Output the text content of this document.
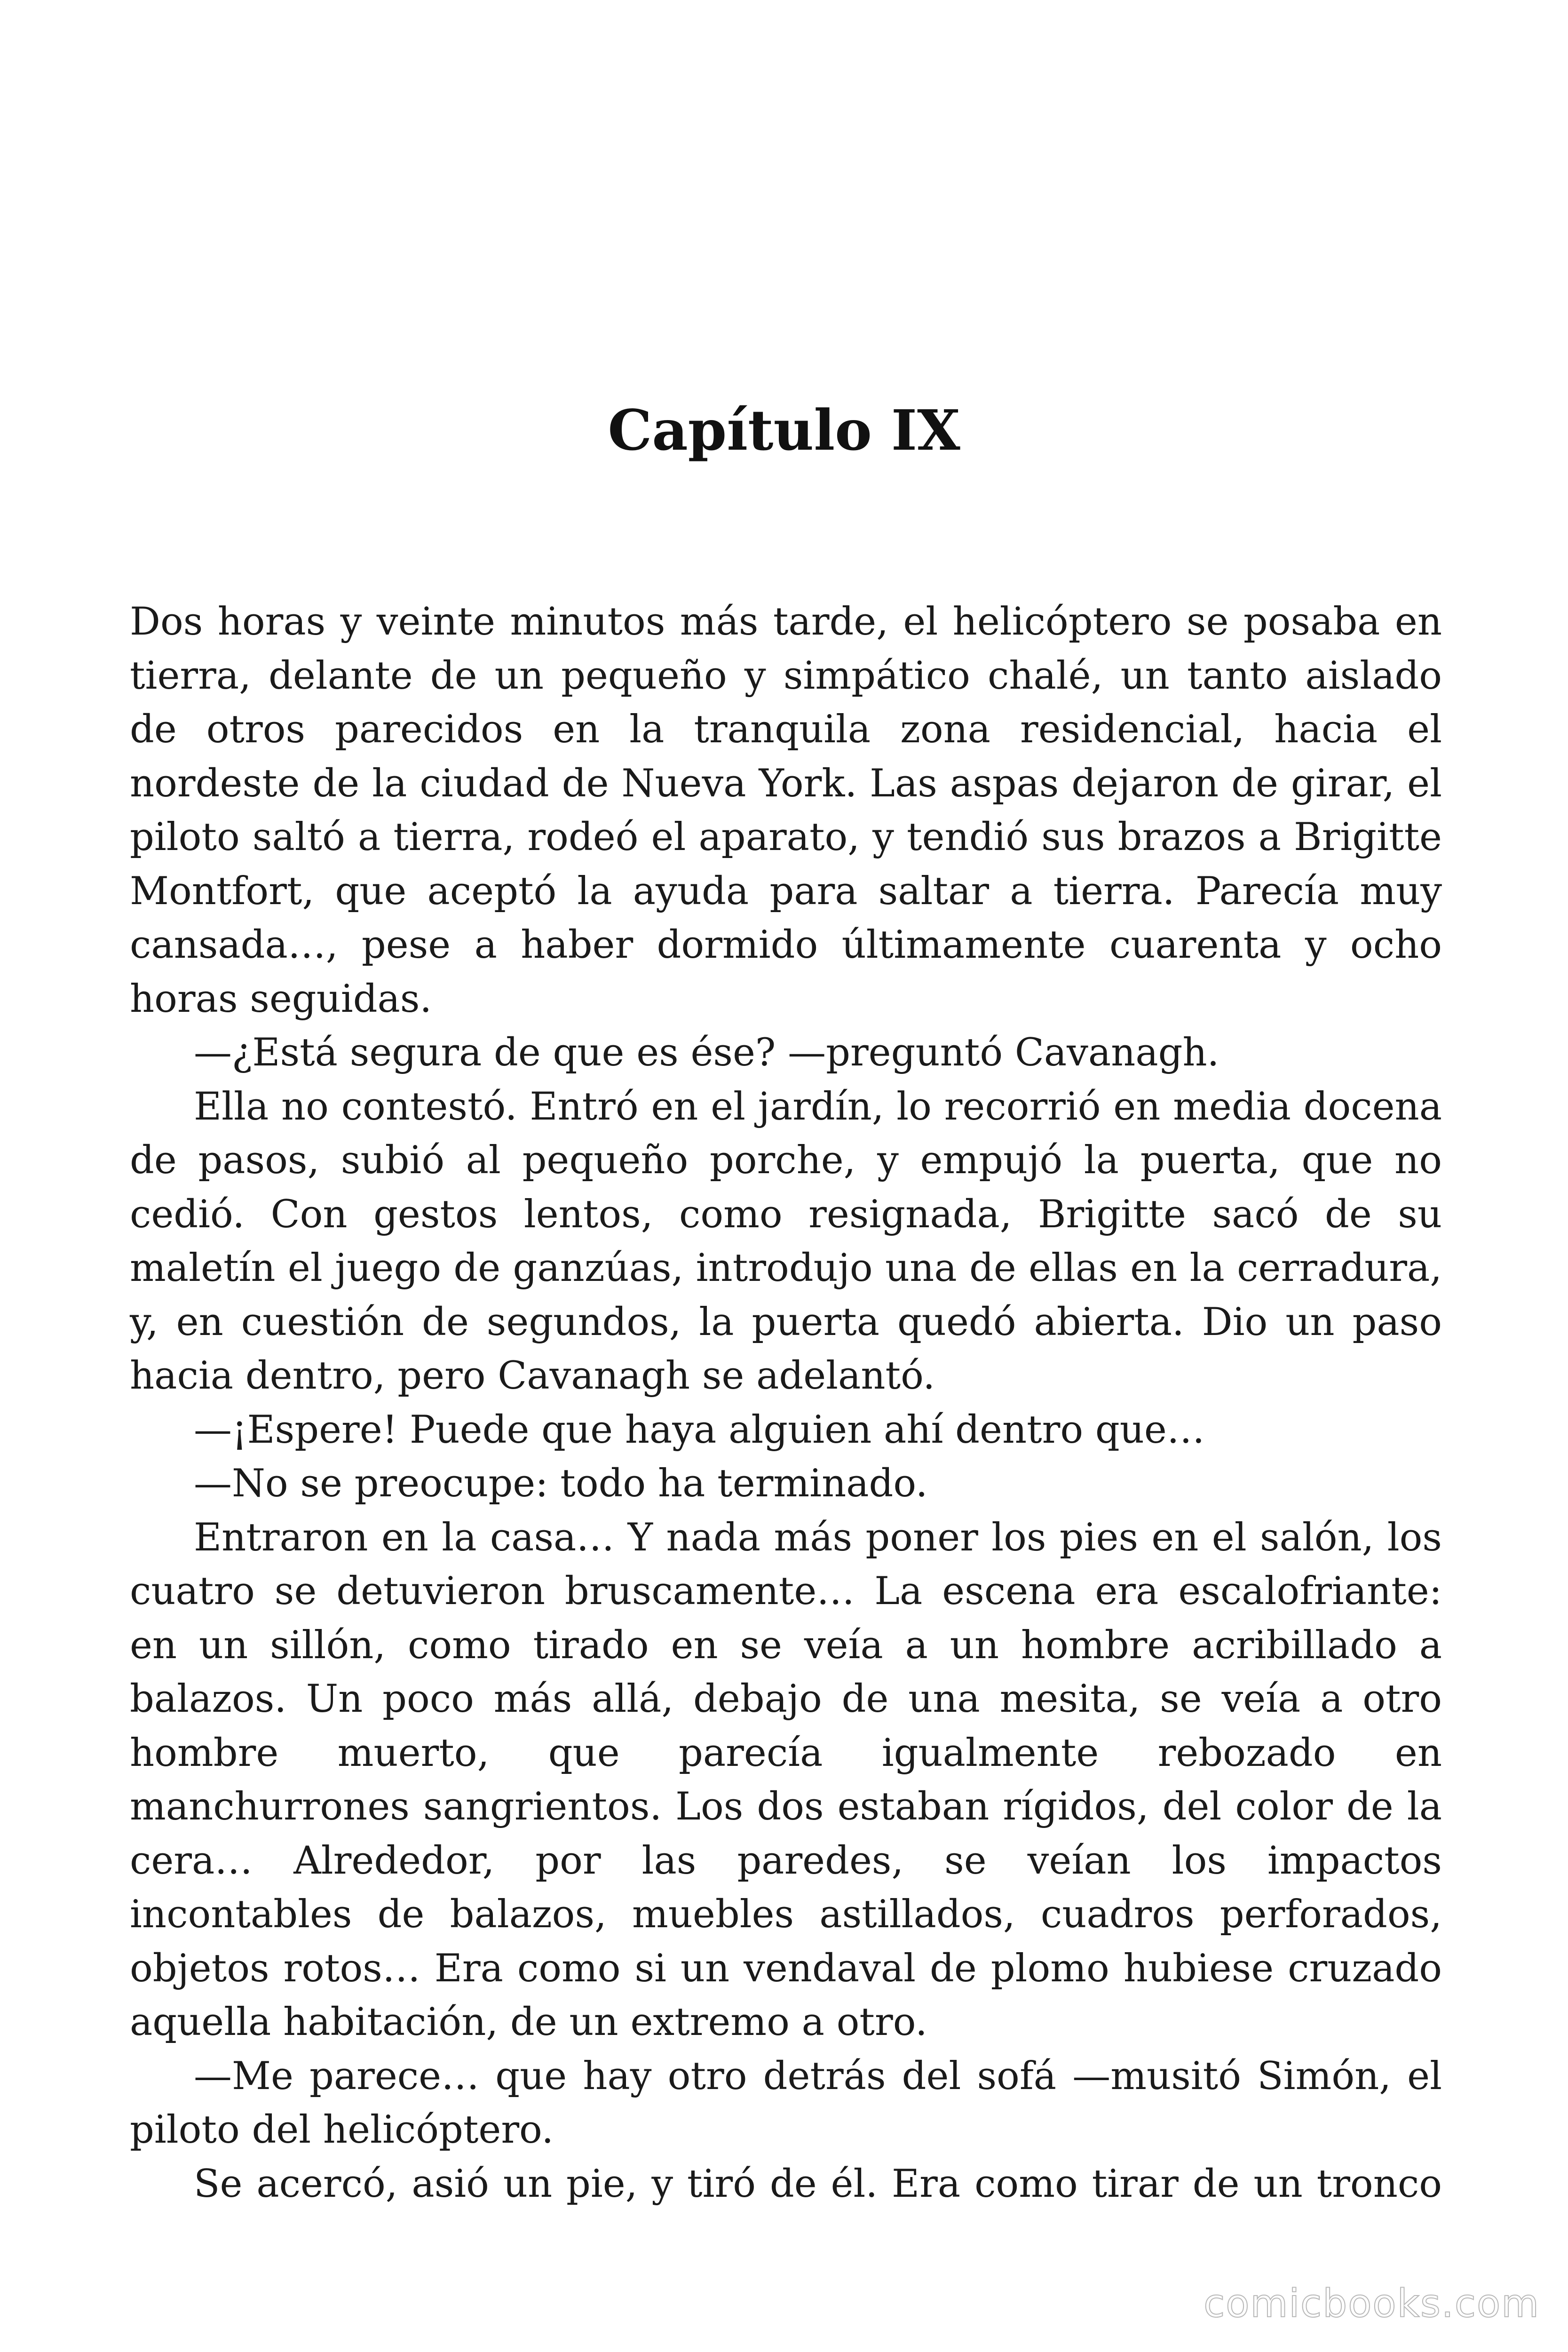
Capítulo IX

Dos horas y veinte minutos más tarde, el helicóptero se posaba en tierra, delante de un pequeño y simpático chalé, un tanto aislado de otros parecidos en la tranquila zona residencial, hacia el nordeste de la ciudad de Nueva York. Las aspas dejaron de girar, el piloto saltó a tierra, rodeó el aparato, y tendió sus brazos a Brigitte Montfort, que aceptó la ayuda para saltar a tierra. Parecía muy cansada…, pese a haber dormido últimamente cuarenta y ocho horas seguidas.

—¿Está segura de que es ése? —preguntó Cavanagh.

Ella no contestó. Entró en el jardín, lo recorrió en media docena de pasos, subió al pequeño porche, y empujó la puerta, que no cedió. Con gestos lentos, como resignada, Brigitte sacó de su maletín el juego de ganzúas, introdujo una de ellas en la cerradura, y, en cuestión de segundos, la puerta quedó abierta. Dio un paso hacia dentro, pero Cavanagh se adelantó.

—¡Espere! Puede que haya alguien ahí dentro que…

—No se preocupe: todo ha terminado.

Entraron en la casa… Y nada más poner los pies en el salón, los cuatro se detuvieron bruscamente… La escena era escalofriante: en un sillón, como tirado en se veía a un hombre acribillado a balazos. Un poco más allá, debajo de una mesita, se veía a otro hombre muerto, que parecía igualmente rebozado en manchurrones sangrientos. Los dos estaban rígidos, del color de la cera… Alrededor, por las paredes, se veían los impactos incontables de balazos, muebles astillados, cuadros perforados, objetos rotos… Era como si un vendaval de plomo hubiese cruzado aquella habitación, de un extremo a otro.

—Me parece… que hay otro detrás del sofá —musitó Simón, el piloto del helicóptero.

Se acercó, asió un pie, y tiró de él. Era como tirar de un tronco

comicbooks.com
